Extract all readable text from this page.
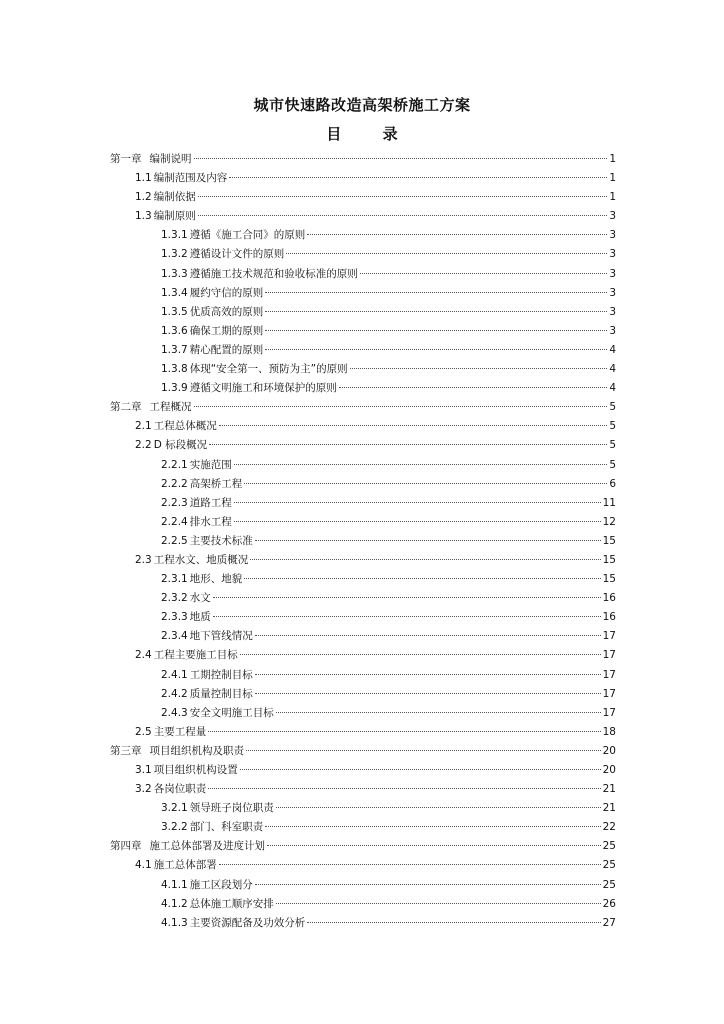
城市快速路改造高架桥施工方案
目 录
第一章 编制说明	1
1.1 编制范围及内容	1
1.2 编制依据	1
1.3 编制原则	3
1.3.1 遵循《施工合同》的原则	3
1.3.2 遵循设计文件的原则	3
1.3.3 遵循施工技术规范和验收标准的原则	3
1.3.4 履约守信的原则	3
1.3.5 优质高效的原则	3
1.3.6 确保工期的原则	3
1.3.7 精心配置的原则	4
1.3.8 体现“安全第一、预防为主”的原则	4
1.3.9 遵循文明施工和环境保护的原则	4
第二章 工程概况	5
2.1 工程总体概况	5
2.2 D 标段概况	5
2.2.1 实施范围	5
2.2.2 高架桥工程	6
2.2.3 道路工程	11
2.2.4 排水工程	12
2.2.5 主要技术标准	15
2.3 工程水文、地质概况	15
2.3.1 地形、地貌	15
2.3.2 水文	16
2.3.3 地质	16
2.3.4 地下管线情况	17
2.4 工程主要施工目标	17
2.4.1 工期控制目标	17
2.4.2 质量控制目标	17
2.4.3 安全文明施工目标	17
2.5 主要工程量	18
第三章 项目组织机构及职责	20
3.1 项目组织机构设置	20
3.2 各岗位职责	21
3.2.1 领导班子岗位职责	21
3.2.2 部门、科室职责	22
第四章 施工总体部署及进度计划	25
4.1 施工总体部署	25
4.1.1 施工区段划分	25
4.1.2 总体施工顺序安排	26
4.1.3 主要资源配备及功效分析	27
